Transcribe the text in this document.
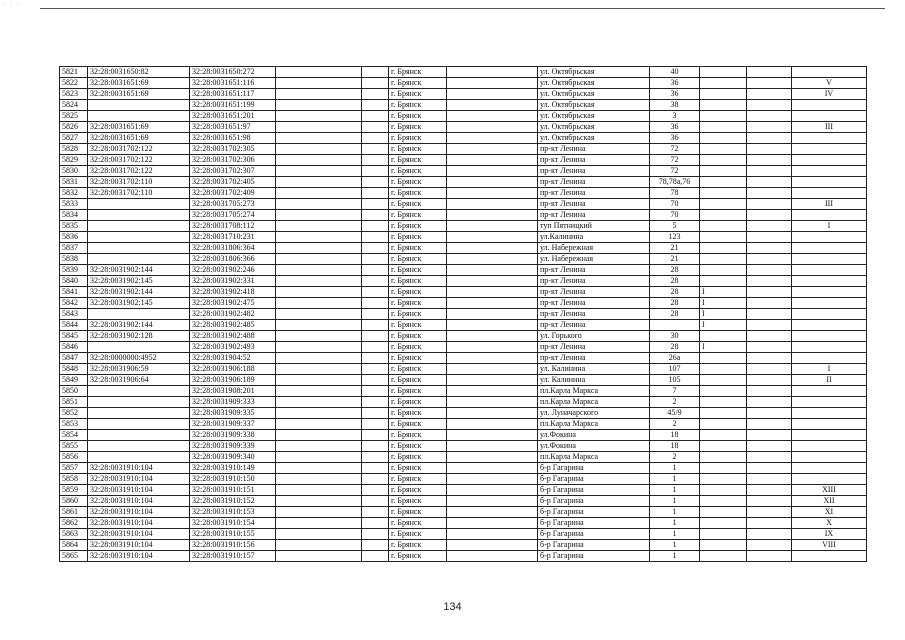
· · ·
5821	32:28:0031650:82	32:28:0031650:272			г. Брянск		ул. Октябрьская	40			
5822	32:28:0031651:69	32:28:0031651:116			г. Брянск		ул. Октябрьская	36			V
5823	32:28:0031651:69	32:28:0031651:117			г. Брянск		ул. Октябрьская	36			IV
5824		32:28:0031651:199			г. Брянск		ул. Октябрьская	38			
5825		32:28:0031651:201			г. Брянск		ул. Октябрьская	3			
5826	32:28:0031651:69	32:28:0031651:97			г. Брянск		ул. Октябрьская	36			III
5827	32:28:0031651:69	32:28:0031651:98			г. Брянск		ул. Октябрьская	36			
5828	32:28:0031702:122	32:28:0031702:305			г. Брянск		пр-кт Ленина	72			
5829	32:28:0031702:122	32:28:0031702:306			г. Брянск		пр-кт Ленина	72			
5830	32:28:0031702:122	32:28:0031702:307			г. Брянск		пр-кт Ленина	72			
5831	32:28:0031702:110	32:28:0031702:405			г. Брянск		пр-кт Ленина	78,78a,76			
5832	32:28:0031702:110	32:28:0031702:409			г. Брянск		пр-кт Ленина	78			
5833		32:28:0031705:273			г. Брянск		пр-кт Ленина	70			III
5834		32:28:0031705:274			г. Брянск		пр-кт Ленина	70			
5835		32:28:0031708:112			г. Брянск		туп Пятницкий	5			I
5836		32:28:0031710:231			г. Брянск		ул.Калинина	123			
5837		32:28:0031806:364			г. Брянск		ул. Набережная	21			
5838		32:28:0031806:366			г. Брянск		ул. Набережная	21			
5839	32:28:0031902:144	32:28:0031902:246			г. Брянск		пр-кт Ленина	28			
5840	32:28:0031902:145	32:28:0031902:331			г. Брянск		пр-кт Ленина	28			
5841	32:28:0031902:144	32:28:0031902:418			г. Брянск		пр-кт Ленина	28	I		
5842	32:28:0031902:145	32:28:0031902:475			г. Брянск		пр-кт Ленина	28	I		
5843		32:28:0031902:482			г. Брянск		пр-кт Ленина	28	I		
5844	32:28:0031902:144	32:28:0031902:485			г. Брянск		пр-кт Ленина		I		
5845	32:28:0031902:128	32:28:0031902:488			г. Брянск		ул. Горького	30			
5846		32:28:0031902:493			г. Брянск		пр-кт Ленина	28	I		
5847	32:28:0000000:4952	32:28:0031904:52			г. Брянск		пр-кт Ленина	26a			
5848	32:28:0031906:59	32:28:0031906:188			г. Брянск		ул. Калинина	107			I
5849	32:28:0031906:64	32:28:0031906:189			г. Брянск		ул. Калинина	105			II
5850		32:28:0031908:201			г. Брянск		пл.Карла Маркса	7			
5851		32:28:0031909:333			г. Брянск		пл.Карла Маркса	2			
5852		32:28:0031909:335			г. Брянск		ул. Луначарского	45/9			
5853		32:28:0031909:337			г. Брянск		пл.Карла Маркса	2			
5854		32:28:0031909:338			г. Брянск		ул.Фокина	18			
5855		32:28:0031909:339			г. Брянск		ул.Фокина	18			
5856		32:28:0031909:340			г. Брянск		пл.Карла Маркса	2			
5857	32:28:0031910:104	32:28:0031910:149			г. Брянск		б-р Гагарина	1			
5858	32:28:0031910:104	32:28:0031910:150			г. Брянск		б-р Гагарина	1			
5859	32:28:0031910:104	32:28:0031910:151			г. Брянск		б-р Гагарина	1			XIII
5860	32:28:0031910:104	32:28:0031910:152			г. Брянск		б-р Гагарина	1			XII
5861	32:28:0031910:104	32:28:0031910:153			г. Брянск		б-р Гагарина	1			XI
5862	32:28:0031910:104	32:28:0031910:154			г. Брянск		б-р Гагарина	1			X
5863	32:28:0031910:104	32:28:0031910:155			г. Брянск		б-р Гагарина	1			IX
5864	32:28:0031910:104	32:28:0031910:156			г. Брянск		б-р Гагарина	1			VIII
5865	32:28:0031910:104	32:28:0031910:157			г. Брянск		б-р Гагарина	1			
134
